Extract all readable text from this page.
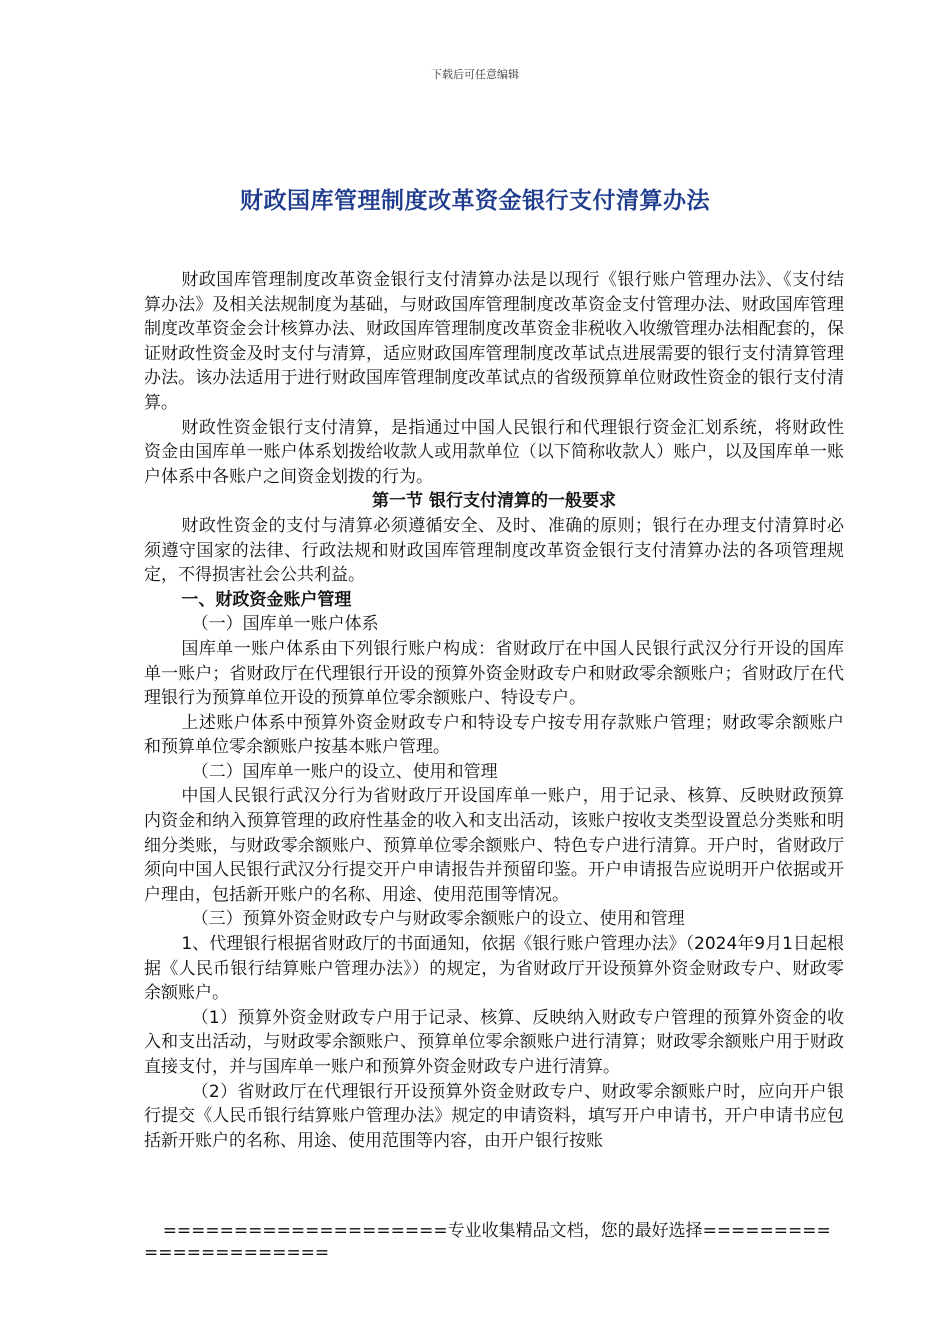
下载后可任意编辑
财政国库管理制度改革资金银行支付清算办法

财政国库管理制度改革资金银行支付清算办法是以现行《银行账户管理办法》、《支付结算办法》及相关法规制度为基础，与财政国库管理制度改革资金支付管理办法、财政国库管理制度改革资金会计核算办法、财政国库管理制度改革资金非税收入收缴管理办法相配套的，保证财政性资金及时支付与清算，适应财政国库管理制度改革试点进展需要的银行支付清算管理办法。该办法适用于进行财政国库管理制度改革试点的省级预算单位财政性资金的银行支付清算。

财政性资金银行支付清算，是指通过中国人民银行和代理银行资金汇划系统，将财政性资金由国库单一账户体系划拨给收款人或用款单位（以下简称收款人）账户，以及国库单一账户体系中各账户之间资金划拨的行为。

第一节 银行支付清算的一般要求

财政性资金的支付与清算必须遵循安全、及时、准确的原则；银行在办理支付清算时必须遵守国家的法律、行政法规和财政国库管理制度改革资金银行支付清算办法的各项管理规定，不得损害社会公共利益。

一、财政资金账户管理

（一）国库单一账户体系

国库单一账户体系由下列银行账户构成：省财政厅在中国人民银行武汉分行开设的国库单一账户；省财政厅在代理银行开设的预算外资金财政专户和财政零余额账户；省财政厅在代理银行为预算单位开设的预算单位零余额账户、特设专户。

上述账户体系中预算外资金财政专户和特设专户按专用存款账户管理；财政零余额账户和预算单位零余额账户按基本账户管理。

（二）国库单一账户的设立、使用和管理

中国人民银行武汉分行为省财政厅开设国库单一账户，用于记录、核算、反映财政预算内资金和纳入预算管理的政府性基金的收入和支出活动，该账户按收支类型设置总分类账和明细分类账，与财政零余额账户、预算单位零余额账户、特色专户进行清算。开户时，省财政厅须向中国人民银行武汉分行提交开户申请报告并预留印鉴。开户申请报告应说明开户依据或开户理由，包括新开账户的名称、用途、使用范围等情况。

（三）预算外资金财政专户与财政零余额账户的设立、使用和管理

1、代理银行根据省财政厅的书面通知，依据《银行账户管理办法》（2024年9月1日起根据《人民币银行结算账户管理办法》）的规定，为省财政厅开设预算外资金财政专户、财政零余额账户。

（1）预算外资金财政专户用于记录、核算、反映纳入财政专户管理的预算外资金的收入和支出活动，与财政零余额账户、预算单位零余额账户进行清算；财政零余额账户用于财政直接支付，并与国库单一账户和预算外资金财政专户进行清算。

（2）省财政厅在代理银行开设预算外资金财政专户、财政零余额账户时，应向开户银行提交《人民币银行结算账户管理办法》规定的申请资料，填写开户申请书，开户申请书应包括新开账户的名称、用途、使用范围等内容，由开户银行按账

====================专业收集精品文档，您的最好选择======================
